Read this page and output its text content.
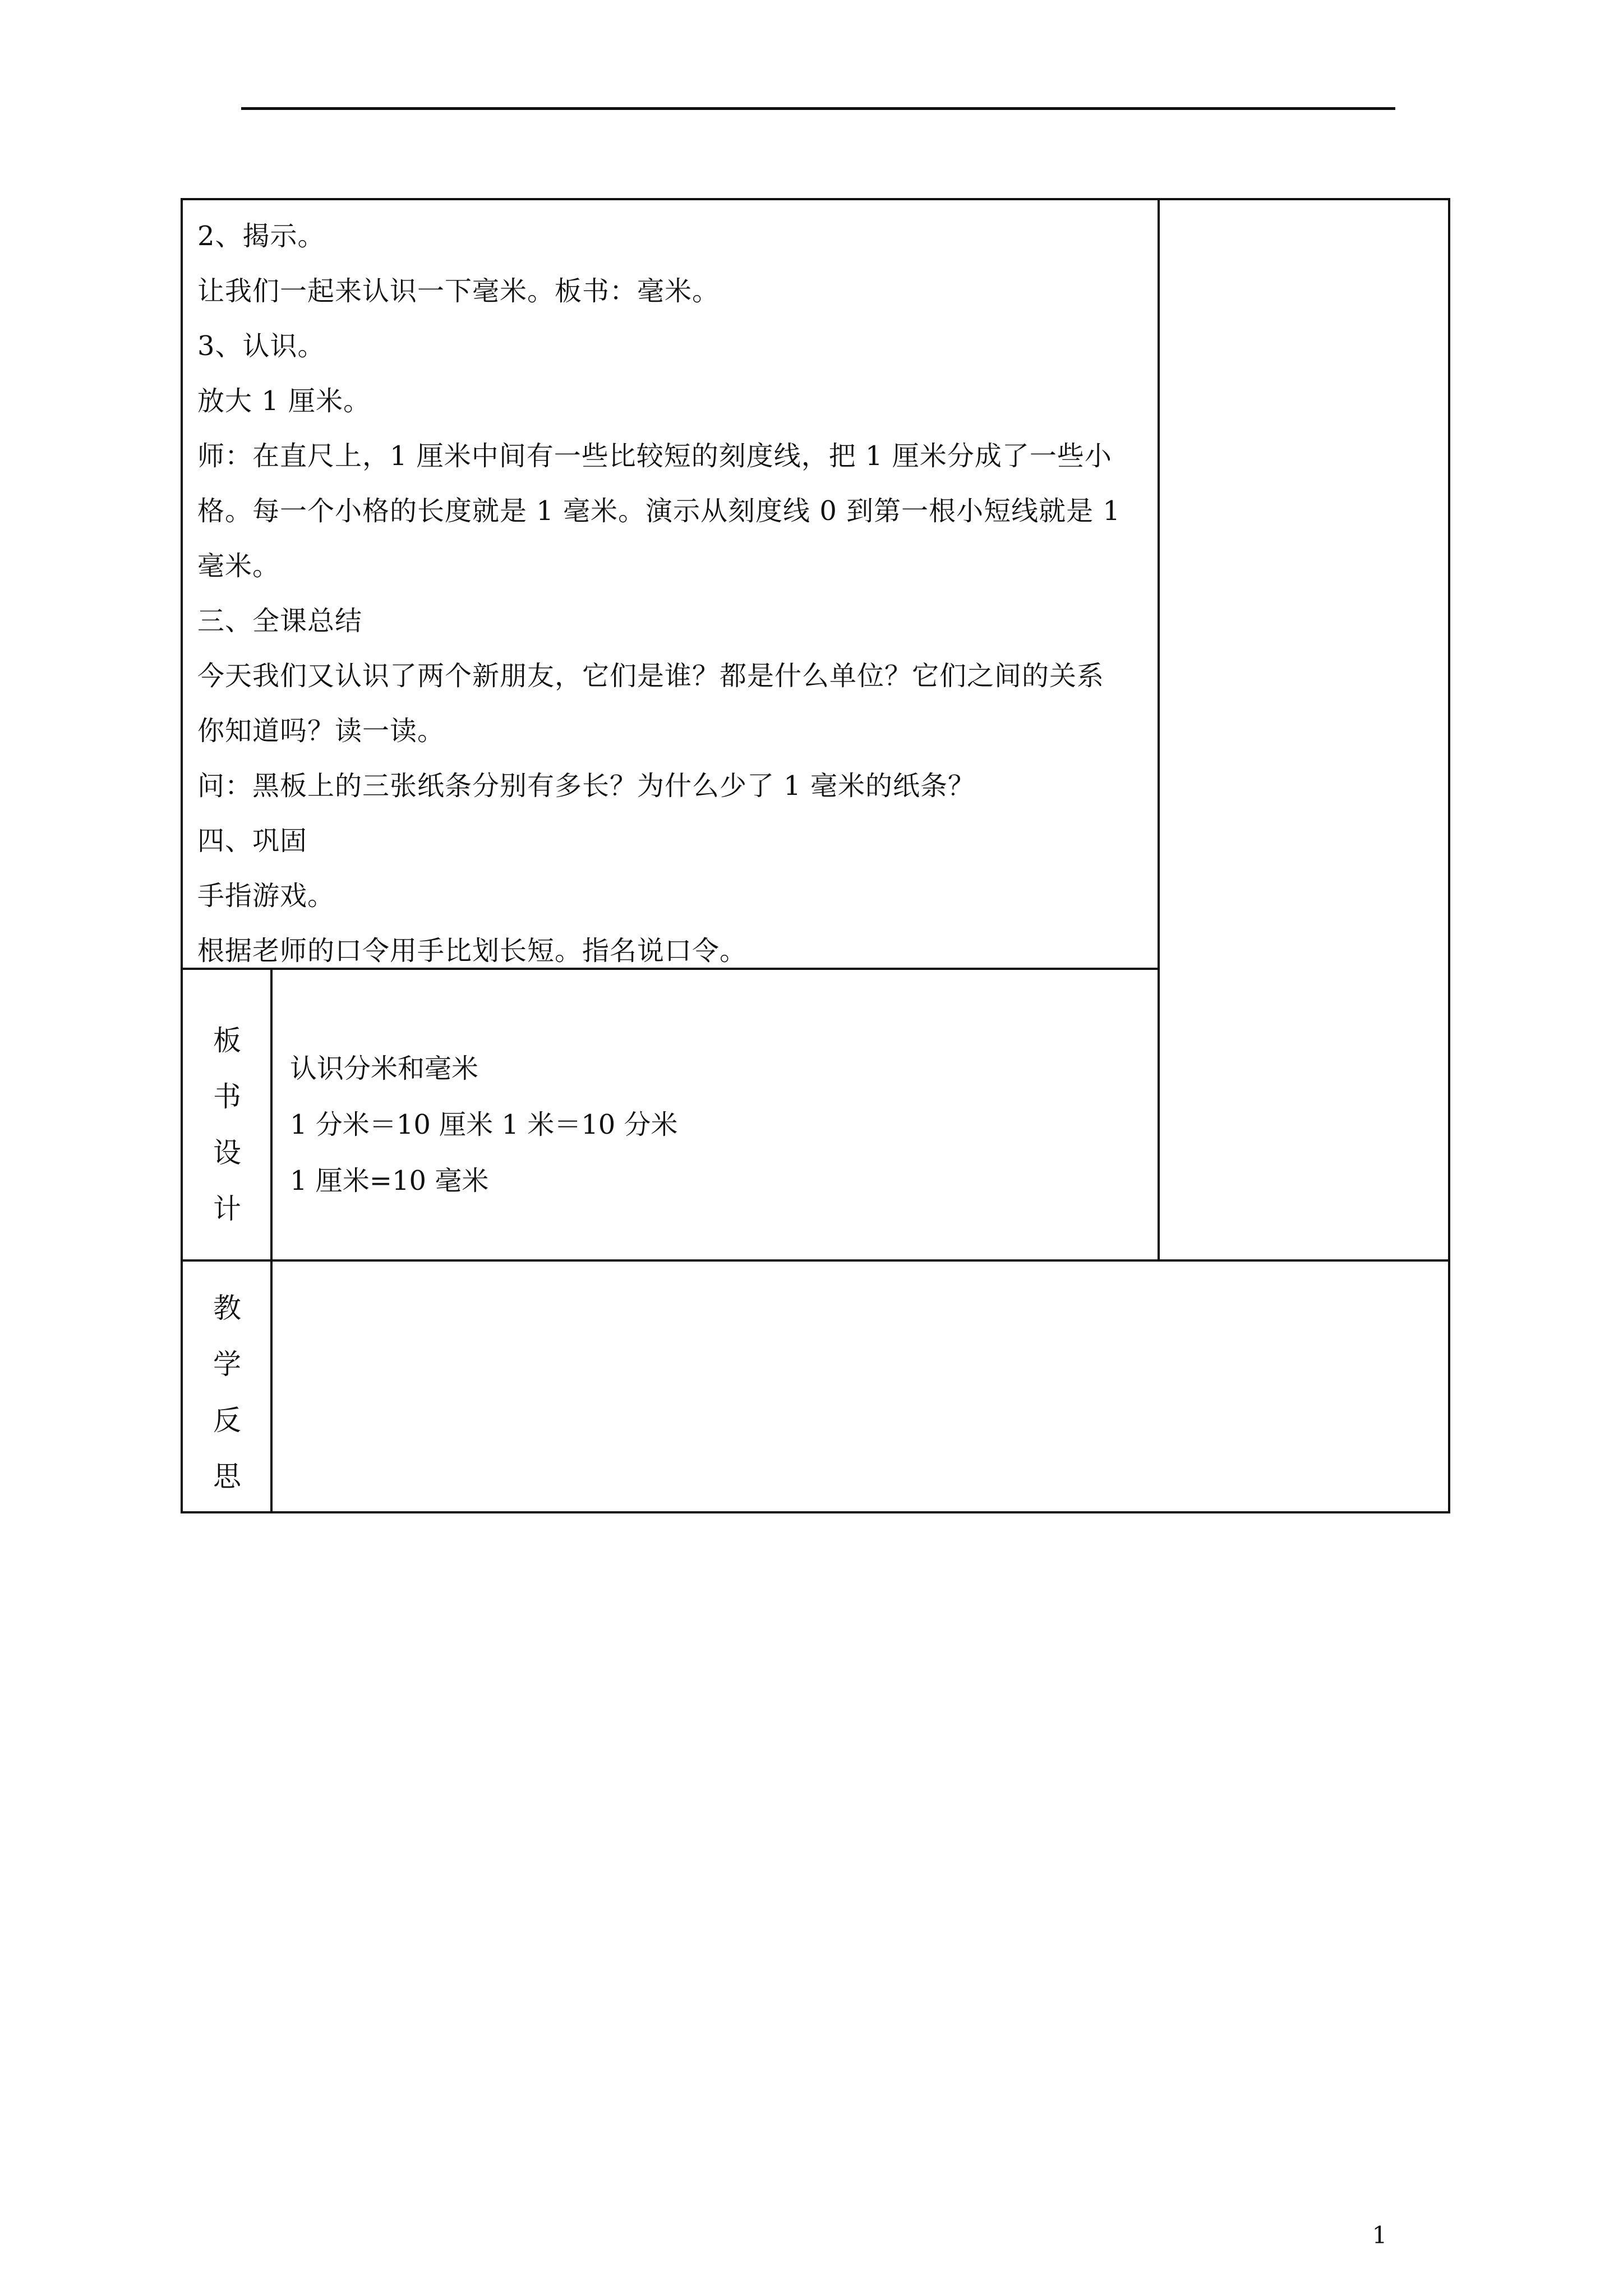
2、揭示。
让我们一起来认识一下毫米。板书：毫米。
3、认识。
放大 1 厘米。
师：在直尺上，1 厘米中间有一些比较短的刻度线，把 1 厘米分成了一些小
格。每一个小格的长度就是 1 毫米。演示从刻度线 0 到第一根小短线就是 1
毫米。
三、全课总结
今天我们又认识了两个新朋友，它们是谁？都是什么单位？它们之间的关系
你知道吗？读一读。
问：黑板上的三张纸条分别有多长？为什么少了 1 毫米的纸条？
四、巩固
手指游戏。
根据老师的口令用手比划长短。指名说口令。
板
书
设
计
认识分米和毫米
1 分米＝10 厘米 1 米＝10 分米
1 厘米=10 毫米
教
学
反
思
1
